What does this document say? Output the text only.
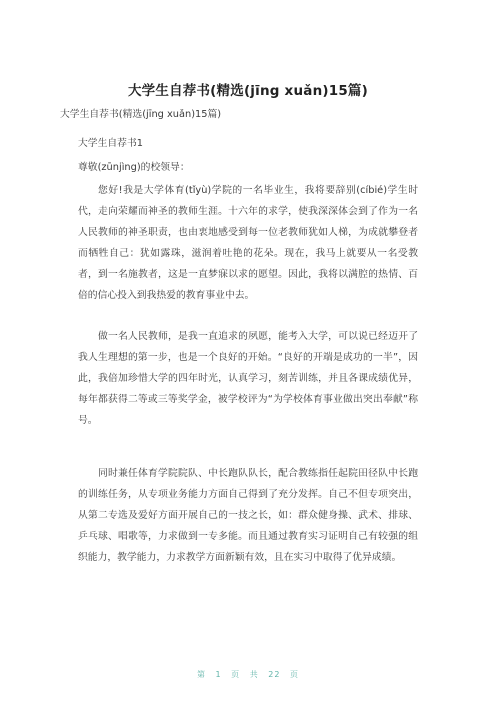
大学生自荐书(精选(jīng xuǎn)15篇)
大学生自荐书(精选(jīng xuǎn)15篇)
大学生自荐书1
尊敬(zūnjìng)的校领导：
您好!我是大学体育(tǐyù)学院的一名毕业生，我将要辞别(cíbié)学生时代，走向荣耀而神圣的教师生涯。十六年的求学，使我深深体会到了作为一名人民教师的神圣职责，也由衷地感受到每一位老教师犹如人梯，为成就攀登者而牺牲自己：犹如露珠，滋润着吐艳的花朵。现在，我马上就要从一名受教者，到一名施教者，这是一直梦寐以求的愿望。因此，我将以满腔的热情、百倍的信心投入到我热爱的教育事业中去。
做一名人民教师，是我一直追求的夙愿，能考入大学，可以说已经迈开了我人生理想的第一步，也是一个良好的开始。“良好的开端是成功的一半”，因此，我倍加珍惜大学的四年时光，认真学习，刻苦训练，并且各课成绩优异，每年都获得二等或三等奖学金，被学校评为“为学校体育事业做出突出奉献”称号。
同时兼任体育学院院队、中长跑队队长，配合教练指任起院田径队中长跑的训练任务，从专项业务能力方面自己得到了充分发挥。自己不但专项突出，从第二专选及爱好方面开展自己的一技之长，如：群众健身操、武术、排球、乒乓球、唱歌等，力求做到一专多能。而且通过教育实习证明自己有较强的组织能力，教学能力，力求教学方面新颖有效，且在实习中取得了优异成绩。
第 1 页 共 22 页
